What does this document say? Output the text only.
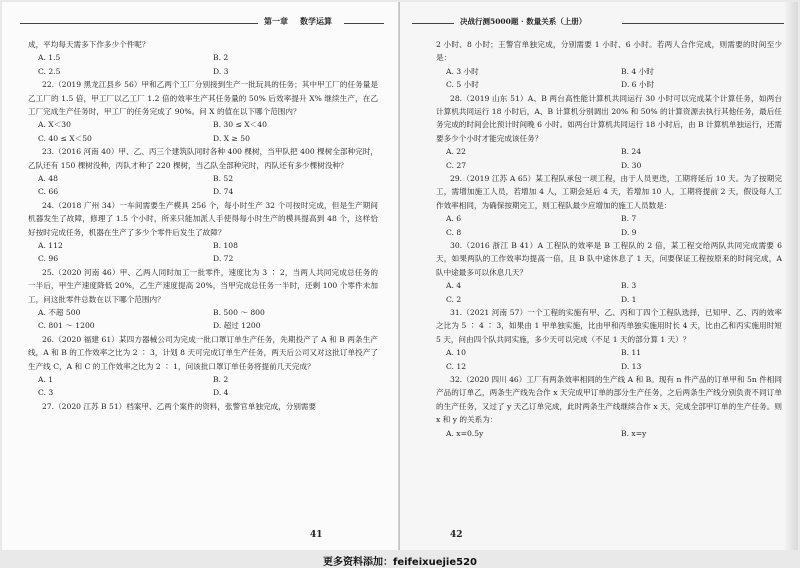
第一章 数学运算

成，平均每天需多下作多少个件呢？

A. 1.5	B. 2
C. 2.5	D. 3

22.（2019 黑龙江县乡 56）甲和乙两个工厂分别接到生产一批玩具的任务；其中甲工厂的任务量是乙工厂的 1.5 倍，甲工厂以乙工厂 1.2 倍的效率生产其任务量的 50% 后效率提升 X% 继续生产，在乙工厂完成生产任务时，甲工厂的任务完成了 90%。问 X 的值在以下哪个范围内？

A. X＜30	B. 30 ≤ X＜40
C. 40 ≤ X＜50	D. X ≥ 50

23.（2016 河南 40）甲、乙、丙三个建筑队同时各种 400 棵树，当甲队把 400 棵树全部种完时，乙队还有 150 棵树没种，丙队才种了 220 棵树，当乙队全部种完时，丙队还有多少棵树没种？

A. 48	B. 52
C. 66	D. 74

24.（2018 广州 34）一车间需要生产模具 256 个，每小时生产 32 个可按时完成，但是生产期间机器发生了故障，修理了 1.5 个小时，所来只能加派人手使得每小时生产的模具提高到 48 个，这样恰好按时完成任务，机器在生产了多少个零件后发生了故障？

A. 112	B. 108
C. 96	D. 72

25.（2020 河南 46）甲、乙两人同时加工一批零件，速度比为 3 ∶ 2，当两人共同完成总任务的一半后，甲生产速度降低 20%，乙生产速度提高 20%，当甲完成总任务一半时，还剩 100 个零件未加工，问这批零件总数在以下哪个范围内？

A. 不超 500	B. 500 ～ 800
C. 801 ～ 1200	D. 超过 1200

26.（2020 福建 61）某四方器械公司为完成一批口罩订单生产任务，先期投产了 A 和 B 两条生产线，A 和 B 的工作效率之比为 2 ∶ 3，计划 8 天可完成订单生产任务，两天后公司又对这批订单投产了生产线 C，A 和 C 的工作效率之比为 2 ∶ 1，问该批口罩订单任务将提前几天完成？

A. 1	B. 2
C. 3	D. 4

27.（2020 江苏 B 51）档案甲、乙两个案件的资料，张警官单独完成，分别需要

41
决战行测5000题 · 数量关系（上册）

2 小时、8 小时；王警官单独完成，分别需要 1 小时、6 小时。若两人合作完成，则需要的时间至少是：

A. 3 小时	B. 4 小时
C. 5 小时	D. 6 小时

28.（2019 山东 51）A、B 两台高性能计算机共同运行 30 小时可以完成某个计算任务，如两台计算机共同运行 18 小时后，A、B 计算机分别调出 20% 和 50% 的计算资源去执行其他任务，最后任务完成的时间会比预计时间晚 6 小时。如两台计算机共同运行 18 小时后，由 B 计算机单独运行，还需要多少个小时才能完成该任务？

A. 22	B. 24
C. 27	D. 30

29.（2019 江苏 A 65）某工程队承包一项工程，由于人员更迭，工期将延后 10 天。为了按期完工，需增加施工人员，若增加 4 人，工期会延后 4 天，若增加 10 人，工期将提前 2 天，假设每人工作效率相同，为确保按期完工，则工程队最少应增加的施工人员数是：

A. 6	B. 7
C. 8	D. 9

30.（2016 浙江 B 41）A 工程队的效率是 B 工程队的 2 倍，某工程交给两队共同完成需要 6 天，如果两队的工作效率均提高一倍，且 B 队中途休息了 1 天，问要保证工程按原来的时间完成，A 队中途最多可以休息几天？

A. 4	B. 3
C. 2	D. 1

31.（2021 河南 57）一个工程的实施有甲、乙、丙和丁四个工程队选择，已知甲、乙、丙的效率之比为 5 ∶ 4 ∶ 3，如果由 1 甲单独实施，比由甲和丙单独实施用时长 4 天，比由乙和丙实施用时短 5 天，问由四个队共同实施，多少天可以完成（不足 1 天的部分算 1 天）？

A. 10	B. 11
C. 12	D. 13

32.（2020 四川 46）工厂有两条效率相同的生产线 A 和 B。现有 n 件产品的订单甲和 5n 件相同产品的订单乙，两条生产线先合作 x 天完成甲订单的部分生产任务，之后两条生产线分别负责不同订单的生产任务，又过了 y 天乙订单完成，此时两条生产线继续合作 x 天，完成全部甲订单的生产任务。则 x 和 y 的关系为：

A. x=0.5y	B. x=y
42
更多资料添加：feifeixuejie520
